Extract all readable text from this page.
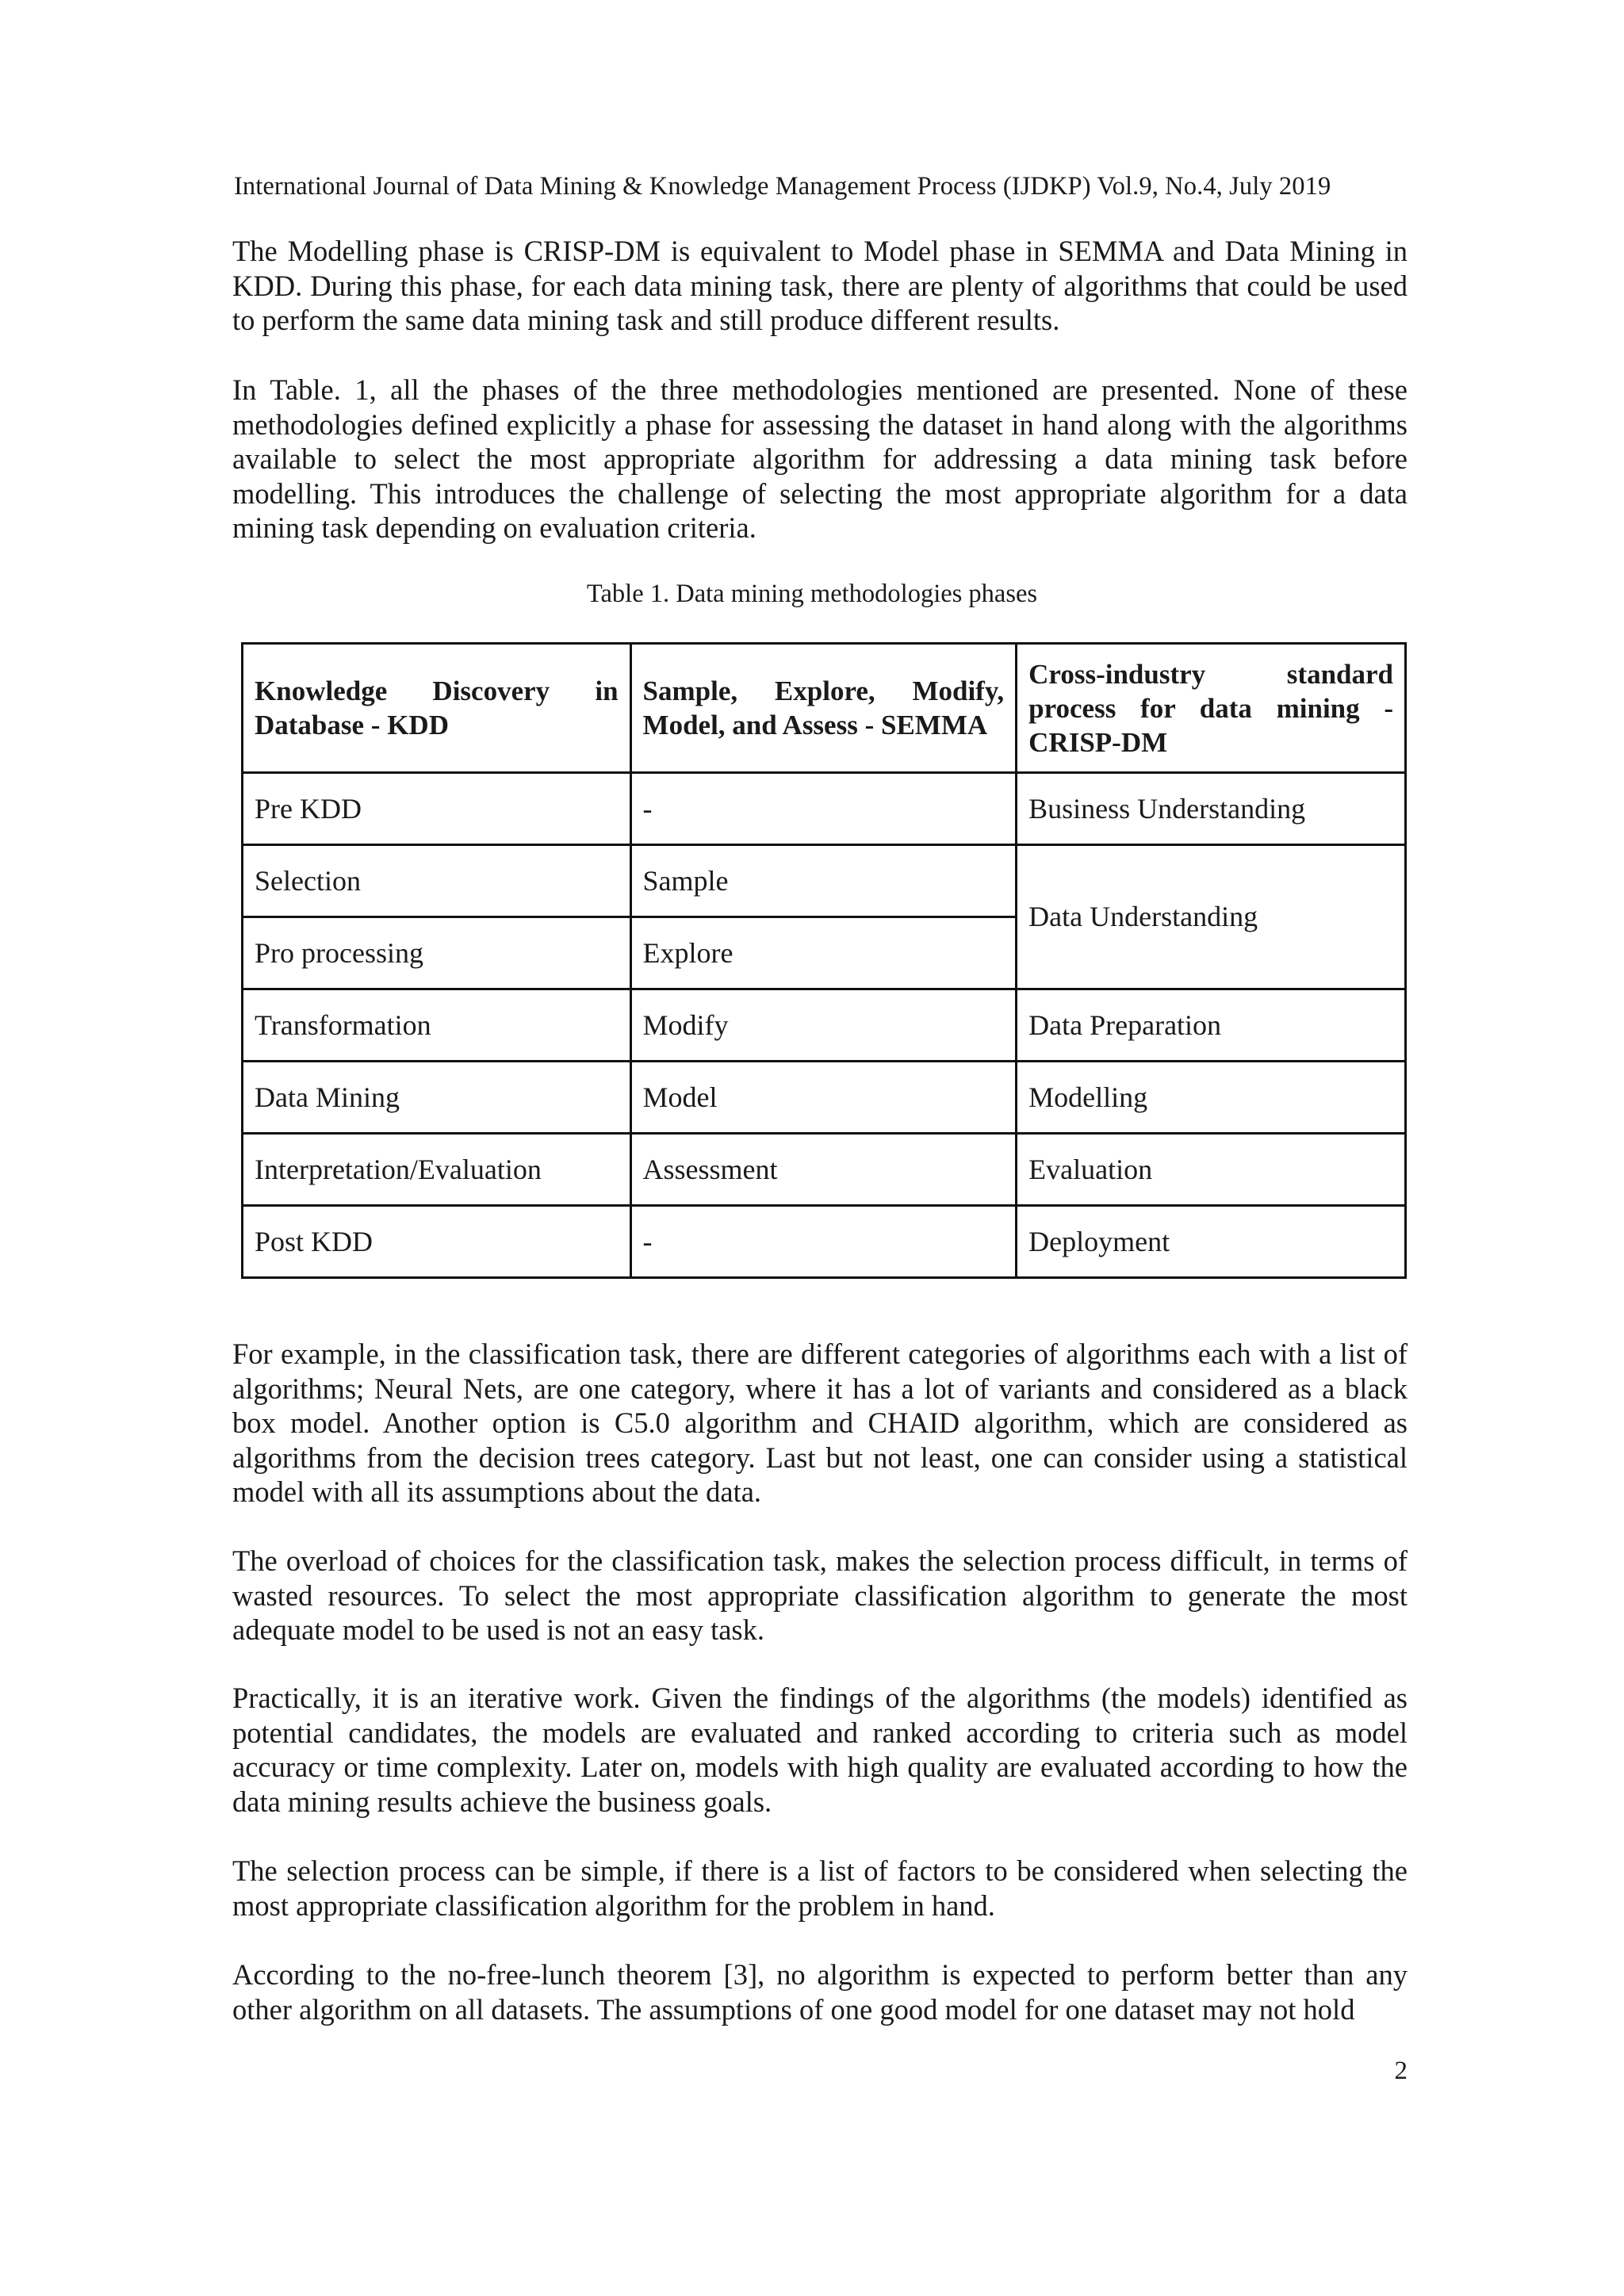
International Journal of Data Mining & Knowledge Management Process (IJDKP) Vol.9, No.4, July 2019

The Modelling phase is CRISP-DM is equivalent to Model phase in SEMMA and Data Mining in KDD. During this phase, for each data mining task, there are plenty of algorithms that could be used to perform the same data mining task and still produce different results.

In Table. 1, all the phases of the three methodologies mentioned are presented. None of these methodologies defined explicitly a phase for assessing the dataset in hand along with the algorithms available to select the most appropriate algorithm for addressing a data mining task before modelling. This introduces the challenge of selecting the most appropriate algorithm for a data mining task depending on evaluation criteria.

Table 1. Data mining methodologies phases
Knowledge Discovery in Database - KDD	Sample, Explore, Modify, Model, and Assess - SEMMA	Cross-industry standard process for data mining - CRISP-DM
Pre KDD	-	Business Understanding
Selection	Sample	Data Understanding
Pro processing	Explore	
Transformation	Modify	Data Preparation
Data Mining	Model	Modelling
Interpretation/Evaluation	Assessment	Evaluation
Post KDD	-	Deployment

For example, in the classification task, there are different categories of algorithms each with a list of algorithms; Neural Nets, are one category, where it has a lot of variants and considered as a black box model. Another option is C5.0 algorithm and CHAID algorithm, which are considered as algorithms from the decision trees category. Last but not least, one can consider using a statistical model with all its assumptions about the data.

The overload of choices for the classification task, makes the selection process difficult, in terms of wasted resources. To select the most appropriate classification algorithm to generate the most adequate model to be used is not an easy task.

Practically, it is an iterative work. Given the findings of the algorithms (the models) identified as potential candidates, the models are evaluated and ranked according to criteria such as model accuracy or time complexity. Later on, models with high quality are evaluated according to how the data mining results achieve the business goals.

The selection process can be simple, if there is a list of factors to be considered when selecting the most appropriate classification algorithm for the problem in hand.

According to the no-free-lunch theorem [3], no algorithm is expected to perform better than any other algorithm on all datasets. The assumptions of one good model for one dataset may not hold

2
